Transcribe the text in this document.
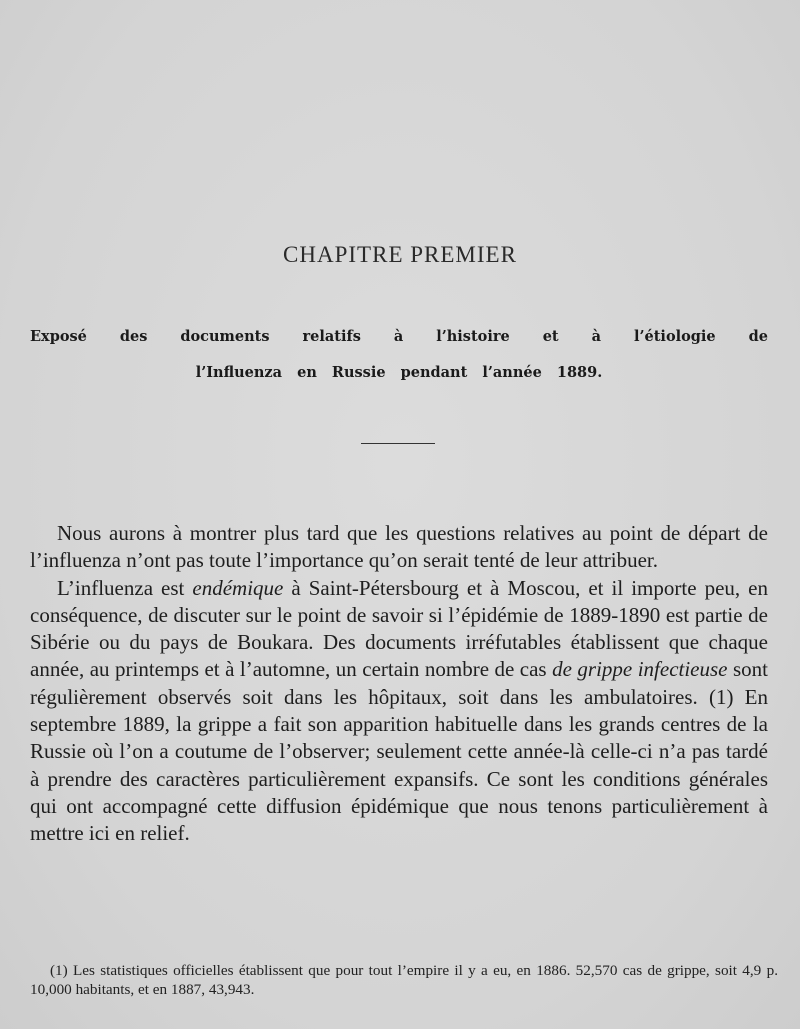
CHAPITRE PREMIER
Exposé des documents relatifs à l’histoire et à l’étiologie de
l’Influenza en Russie pendant l’année 1889.

Nous aurons à montrer plus tard que les questions relatives au point de départ de l’influenza n’ont pas toute l’importance qu’on serait tenté de leur attribuer.

L’influenza est endémique à Saint-Pétersbourg et à Moscou, et il importe peu, en conséquence, de discuter sur le point de savoir si l’épidémie de 1889-1890 est partie de Sibérie ou du pays de Boukara. Des documents irréfutables établissent que chaque année, au printemps et à l’automne, un certain nombre de cas de grippe infectieuse sont régulièrement observés soit dans les hôpitaux, soit dans les ambulatoires. (1) En septembre 1889, la grippe a fait son apparition habituelle dans les grands centres de la Russie où l’on a coutume de l’observer; seulement cette année-là celle-ci n’a pas tardé à prendre des caractères particulièrement expansifs. Ce sont les conditions générales qui ont accompagné cette diffusion épidémique que nous tenons particulièrement à mettre ici en relief.

(1) Les statistiques officielles établissent que pour tout l’empire il y a eu, en 1886. 52,570 cas de grippe, soit 4,9 p. 10,000 habitants, et en 1887, 43,943.
